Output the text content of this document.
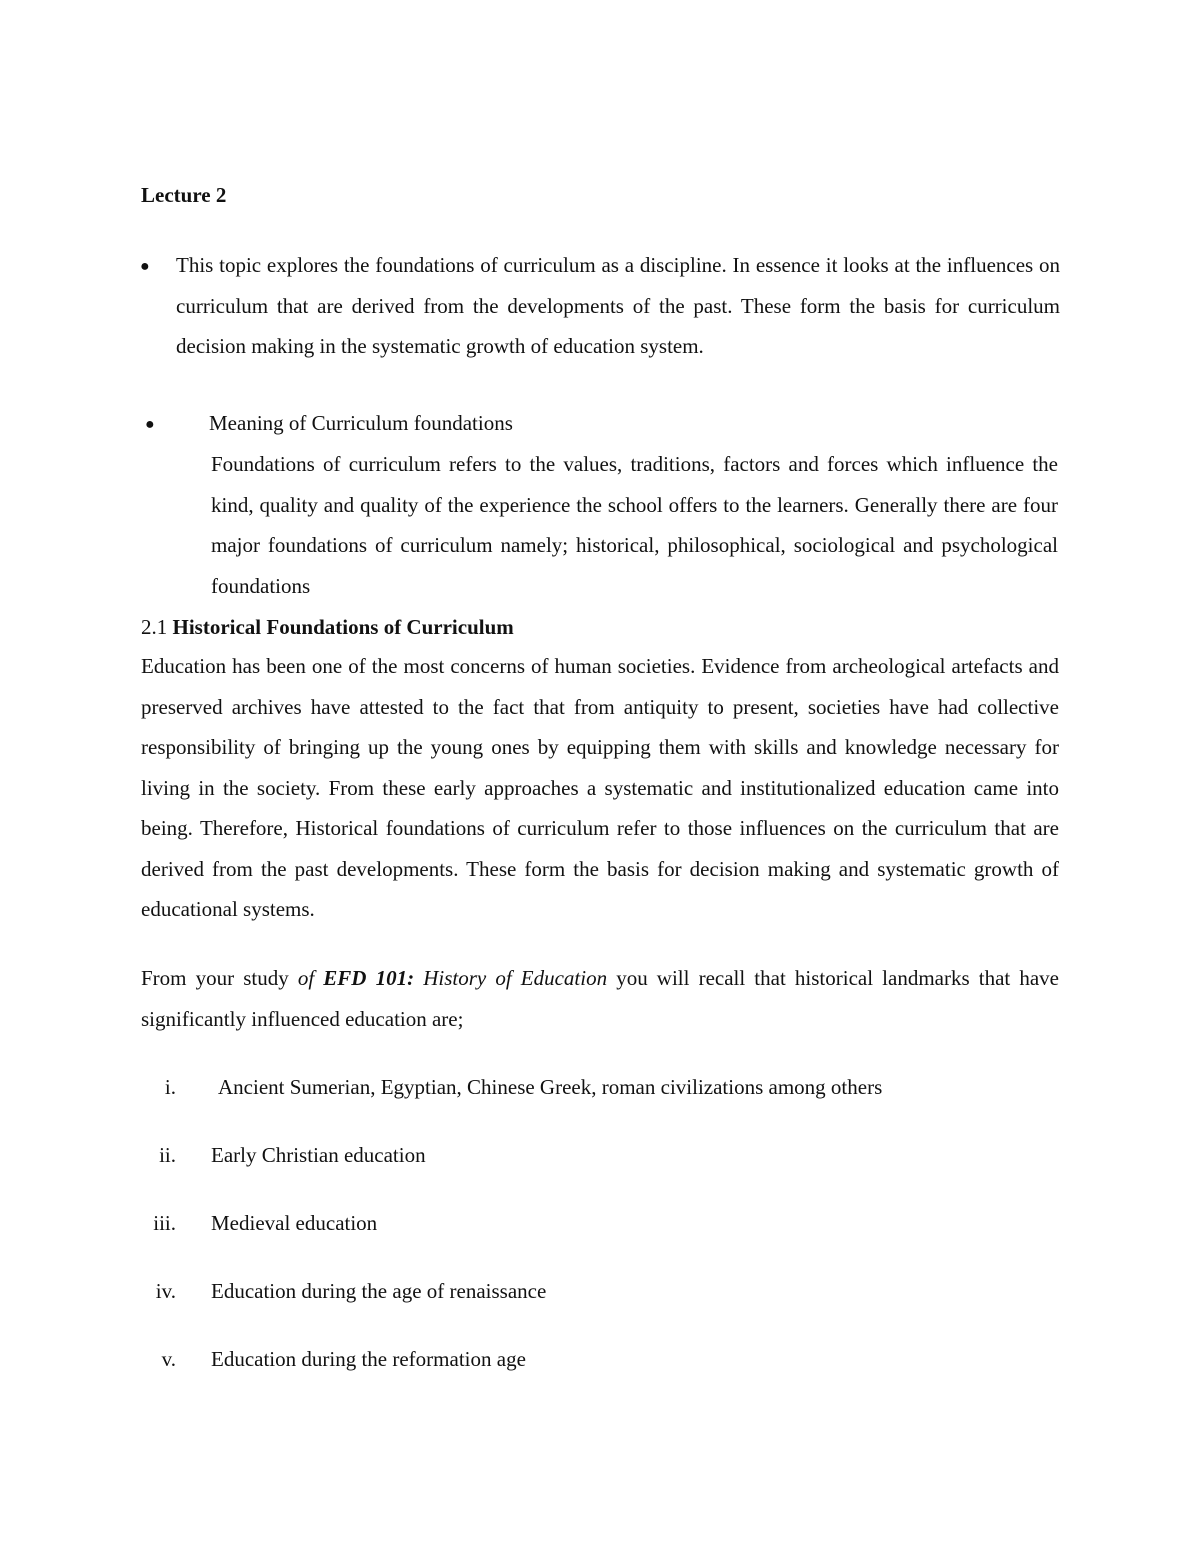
Lecture 2
● This topic explores the foundations of curriculum as a discipline. In essence it looks at the influences on curriculum that are derived from the developments of the past. These form the basis for curriculum decision making in the systematic growth of education system.

●	Meaning of Curriculum foundations

Foundations of curriculum refers to the values, traditions, factors and forces which influence the kind, quality and quality of the experience the school offers to the learners. Generally there are four major foundations of curriculum namely; historical, philosophical, sociological and psychological foundations

2.1 Historical Foundations of Curriculum

Education has been one of the most concerns of human societies. Evidence from archeological artefacts and preserved archives have attested to the fact that from antiquity to present, societies have had collective responsibility of bringing up the young ones by equipping them with skills and knowledge necessary for living in the society. From these early approaches a systematic and institutionalized education came into being. Therefore, Historical foundations of curriculum refer to those influences on the curriculum that are derived from the past developments. These form the basis for decision making and systematic growth of educational systems.

From your study of EFD 101: History of Education you will recall that historical landmarks that have significantly influenced education are;

i. Ancient Sumerian, Egyptian, Chinese Greek, roman civilizations among others
ii. Early Christian education
iii. Medieval education
iv. Education during the age of renaissance
v. Education during the reformation age
